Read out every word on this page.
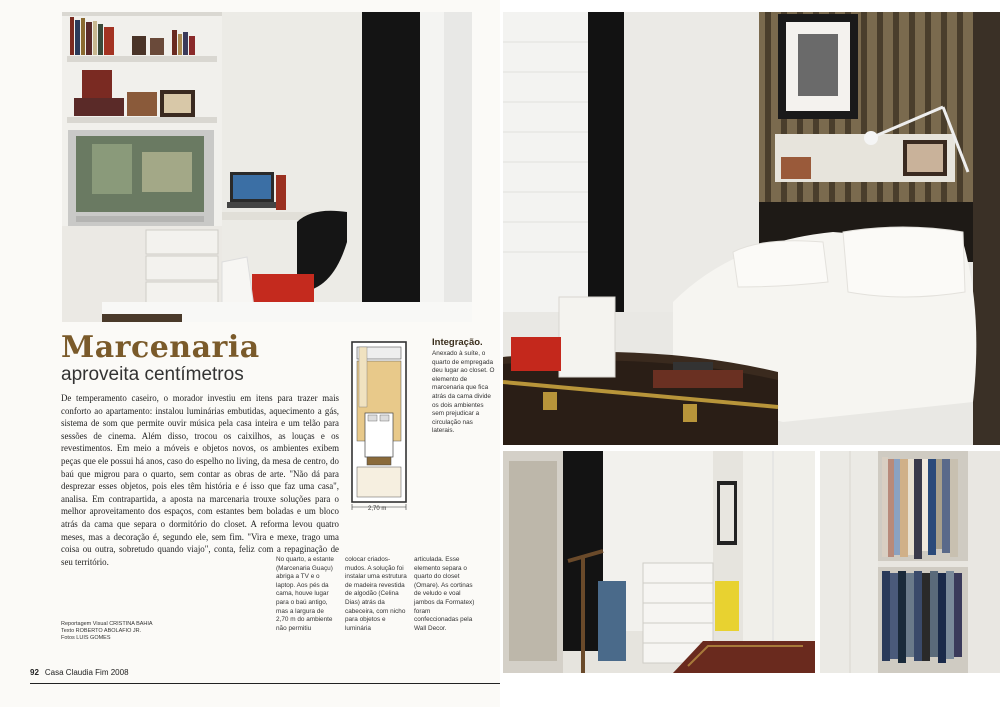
Marcenaria
aproveita centímetros

De temperamento caseiro, o morador investiu em itens para trazer mais conforto ao apartamento: instalou luminárias embutidas, aquecimento a gás, sistema de som que permite ouvir música pela casa inteira e um telão para sessões de cinema. Além disso, trocou os caixilhos, as louças e os revestimentos. Em meio a móveis e objetos novos, os ambientes exibem peças que ele possui há anos, caso do espelho no living, da mesa de centro, do baú que migrou para o quarto, sem contar as obras de arte. "Não dá para desprezar esses objetos, pois eles têm história e é isso que faz uma casa", analisa. Em contrapartida, a aposta na marcenaria trouxe soluções para o melhor aproveitamento dos espaços, com estantes bem boladas e um bloco atrás da cama que separa o dormitório do closet. A reforma levou quatro meses, mas a decoração é, segundo ele, sem fim. "Vira e mexe, trago uma coisa ou outra, sobretudo quando viajo", conta, feliz com a repaginação de seu território.

2,70 m
Integração.
Anexado à suíte, o quarto de empregada deu lugar ao closet. O elemento de marcenaria que fica atrás da cama divide os dois ambientes sem prejudicar a circulação nas laterais.
No quarto, a estante (Marcenaria Guaçu) abriga a TV e o laptop. Aos pés da cama, houve lugar para o baú antigo, mas a largura de 2,70 m do ambiente não permitiu
colocar criados-mudos. A solução foi instalar uma estrutura de madeira revestida de algodão (Celina Dias) atrás da cabeceira, com nicho para objetos e luminária
articulada. Esse elemento separa o quarto do closet (Omare). As cortinas de veludo e voal jambos da Formatex) foram confeccionadas pela Wall Decor.
Reportagem Visual CRISTINA BAHIA
Texto ROBERTO ABOLAFIO JR.
Fotos LUIS GOMES
92 Casa Claudia Fim 2008
